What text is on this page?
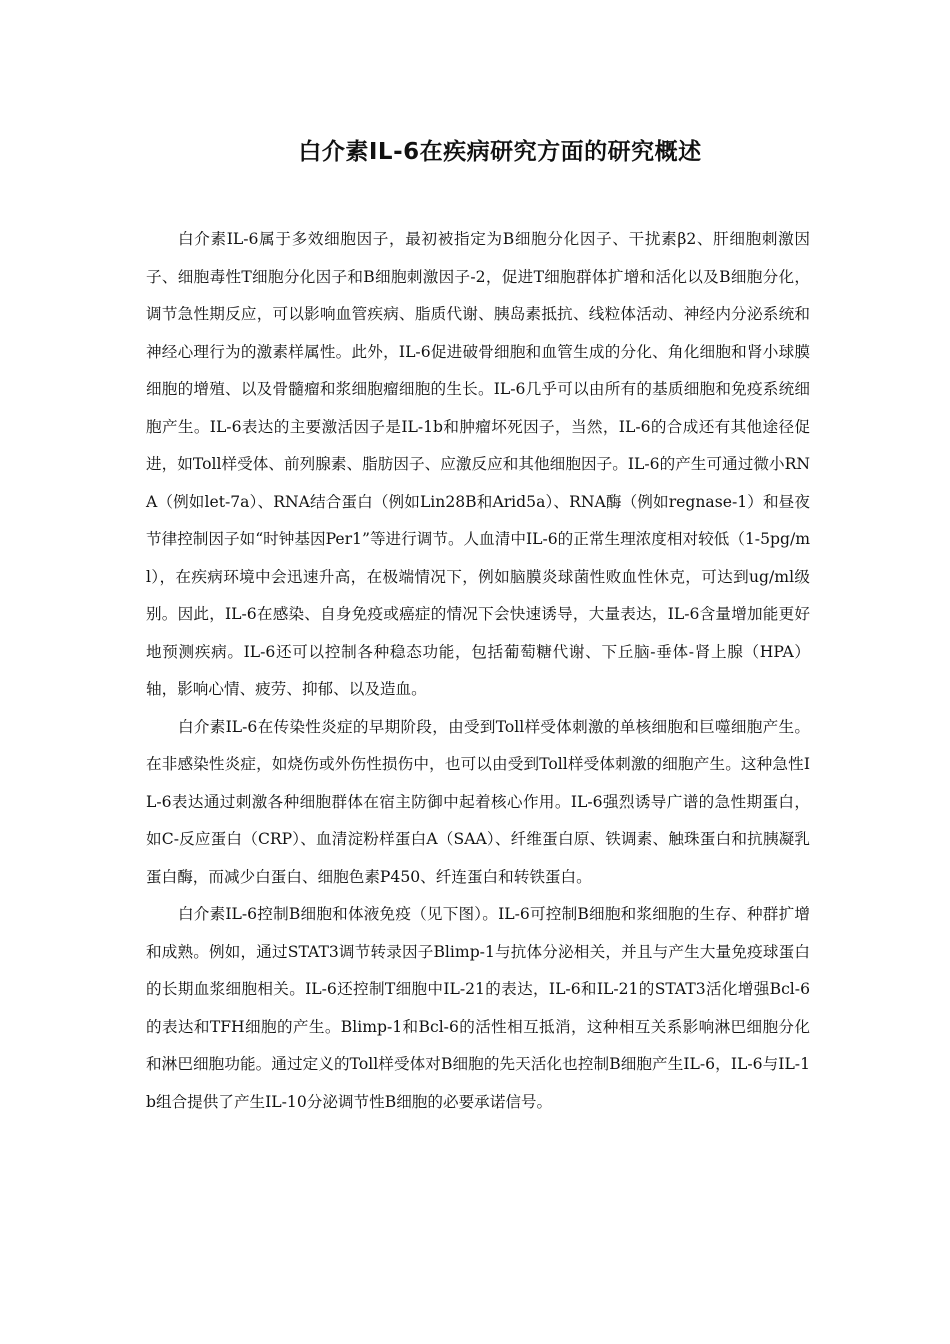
白介素IL-6在疾病研究方面的研究概述

白介素IL-6属于多效细胞因子，最初被指定为B细胞分化因子、干扰素β2、肝细胞刺激因子、细胞毒性T细胞分化因子和B细胞刺激因子-2，促进T细胞群体扩增和活化以及B细胞分化，调节急性期反应，可以影响血管疾病、脂质代谢、胰岛素抵抗、线粒体活动、神经内分泌系统和神经心理行为的激素样属性。此外，IL-6促进破骨细胞和血管生成的分化、角化细胞和肾小球膜细胞的增殖、以及骨髓瘤和浆细胞瘤细胞的生长。IL-6几乎可以由所有的基质细胞和免疫系统细胞产生。IL-6表达的主要激活因子是IL-1b和肿瘤坏死因子，当然，IL-6的合成还有其他途径促进，如Toll样受体、前列腺素、脂肪因子、应激反应和其他细胞因子。IL-6的产生可通过微小RNA（例如let-7a）、RNA结合蛋白（例如Lin28B和Arid5a）、RNA酶（例如regnase-1）和昼夜节律控制因子如“时钟基因Per1”等进行调节。人血清中IL-6的正常生理浓度相对较低（1-5pg/ml），在疾病环境中会迅速升高，在极端情况下，例如脑膜炎球菌性败血性休克，可达到ug/ml级别。因此，IL-6在感染、自身免疫或癌症的情况下会快速诱导，大量表达，IL-6含量增加能更好地预测疾病。IL-6还可以控制各种稳态功能，包括葡萄糖代谢、下丘脑-垂体-肾上腺（HPA）轴，影响心情、疲劳、抑郁、以及造血。

白介素IL-6在传染性炎症的早期阶段，由受到Toll样受体刺激的单核细胞和巨噬细胞产生。在非感染性炎症，如烧伤或外伤性损伤中，也可以由受到Toll样受体刺激的细胞产生。这种急性IL-6表达通过刺激各种细胞群体在宿主防御中起着核心作用。IL-6强烈诱导广谱的急性期蛋白，如C-反应蛋白（CRP）、血清淀粉样蛋白A（SAA）、纤维蛋白原、铁调素、触珠蛋白和抗胰凝乳蛋白酶，而减少白蛋白、细胞色素P450、纤连蛋白和转铁蛋白。

白介素IL-6控制B细胞和体液免疫（见下图）。IL-6可控制B细胞和浆细胞的生存、种群扩增和成熟。例如，通过STAT3调节转录因子Blimp-1与抗体分泌相关，并且与产生大量免疫球蛋白的长期血浆细胞相关。IL-6还控制T细胞中IL-21的表达，IL-6和IL-21的STAT3活化增强Bcl-6的表达和TFH细胞的产生。Blimp-1和Bcl-6的活性相互抵消，这种相互关系影响淋巴细胞分化和淋巴细胞功能。通过定义的Toll样受体对B细胞的先天活化也控制B细胞产生IL-6，IL-6与IL-1b组合提供了产生IL-10分泌调节性B细胞的必要承诺信号。
